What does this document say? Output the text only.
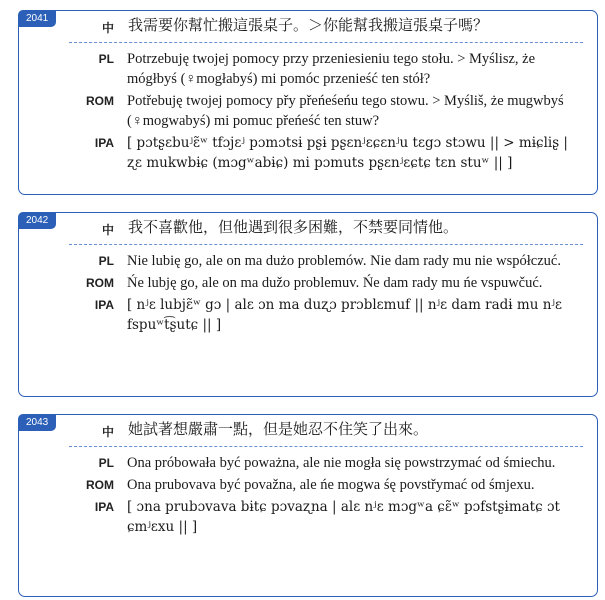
2041
中 我需要你幫忙搬這張桌子。＞你能幫我搬這張桌子嗎？
PL Potrzebuję twojej pomocy przy przeniesieniu tego stołu. > Myślisz, że mógłbyś (♀mogłabyś) mi pomóc przenieść ten stół?
ROM Potřebuję twojej pomocy přy přeńeśeńu tego stowu. > Myśliš, że mugwbyś (♀mogwabyś) mi pomuc přeńeść ten stuw?
IPA [ pɔtʂɛbuʲɛ̃ʷ tfɔjɛʲ pɔmɔtsɨ pʂɨ pʂɛnʲɛɕɛnʲu tɛgɔ stɔwu || > mɨɕliʂ | ʐɛ mukwbɨɕ (mɔgʷabɨɕ) mi pɔmuts pʂɛnʲɛɕtɕ tɛn stuʷ || ]
2042
中 我不喜歡他，但他遇到很多困難，不禁要同情他。
PL Nie lubię go, ale on ma dużo problemów. Nie dam rady mu nie współczuć.
ROM Ńe lubję go, ale on ma dužo problemuv. Ńe dam rady mu ńe vspuwčuć.
IPA [ nʲɛ lubjɛ̃ʷ gɔ | alɛ ɔn ma duʐɔ prɔblɛmuf || nʲɛ dam radɨ mu nʲɛ fspuʷt͡ʂutɕ || ]
2043
中 她試著想嚴肅一點，但是她忍不住笑了出來。
PL Ona próbowała być poważna, ale nie mogła się powstrzymać od śmiechu.
ROM Ona prubovava być považna, ale ńe mogwa śę povstřymać od śmjexu.
IPA [ ɔna prubɔvava bɨtɕ pɔvaʐna | alɛ nʲɛ mɔgʷa ɕɛ̃ʷ pɔfstʂɨmatɕ ɔt ɕmʲɛxu || ]
